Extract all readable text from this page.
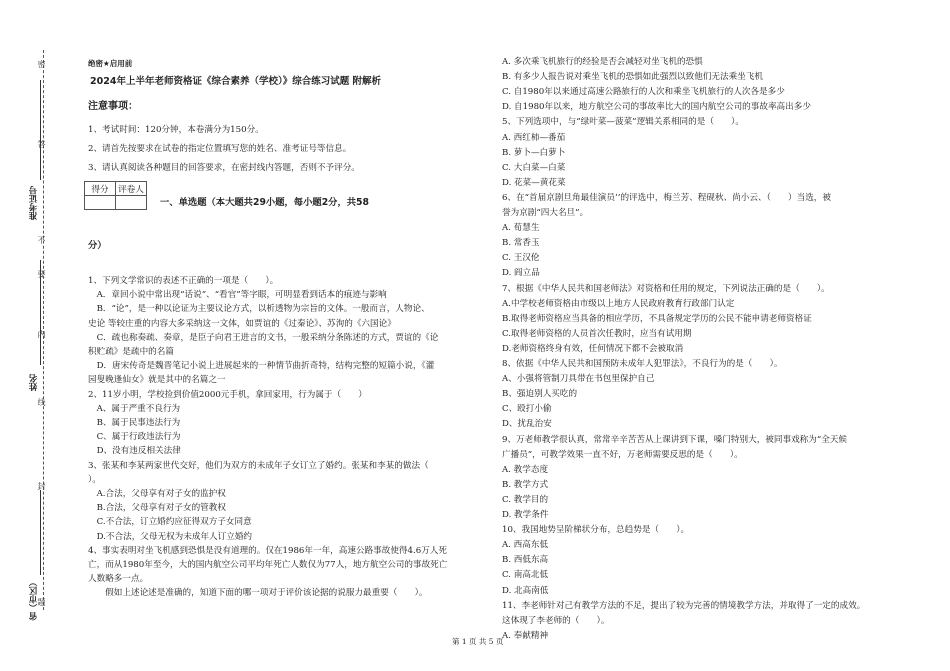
准考证号
姓名
省（市区）
密
封
线
内
不
要
答
题
绝密★启用前
2024年上半年老师资格证《综合素养（学校）》综合练习试题 附解析
注意事项：
1、考试时间：120分钟，本卷满分为150分。
2、请首先按要求在试卷的指定位置填写您的姓名、准考证号等信息。
3、请认真阅读各种题目的回答要求，在密封线内答题，否则不予评分。
得分	评卷人

一、单选题（本大题共29小题，每小题2分，共58
分）
1、下列文学常识的表述不正确的一项是（　　）。
　A．章回小说中常出现“话说”、“看官”等字眼，可明显看到话本的痕迹与影响
　B．“论”，是一种以论证为主要议论方式，以析透物为宗旨的文体。一般而言，人物论、
史论 等较庄重的内容大多采纳这一文体，如贾谊的《过秦论》、苏洵的《六国论》
　C．疏也称奏疏、奏章，是臣子向君王进言的文书，一般采纳分条陈述的方式，贾谊的《论
积贮疏》是疏中的名篇
　D．唐宋传奇是魏晋笔记小说上进展起来的一种情节曲折奇特，结构完整的短篇小说，《灌
园叟晚逢仙女》就是其中的名篇之一
2、11岁小明，学校捡到价值2000元手机，拿回家用，行为属于（　　）
　A、属于严重不良行为
　B、属于民事违法行为
　C、属于行政违法行为
　D、没有违反相关法律
3、张某和李某两家世代交好，他们为双方的未成年子女订立了婚约。张某和李某的做法（
）。
　A.合法，父母享有对子女的监护权
　B.合法，父母享有对子女的管教权
　C.不合法，订立婚约应征得双方子女同意
　D.不合法，父母无权为未成年人订立婚约
4、事实表明对坐飞机感到恐惧是没有道理的。仅在1986年一年，高速公路事故使得4.6万人死
亡，而从1980年至今，大的国内航空公司平均年死亡人数仅为77人，地方航空公司的事故死亡
人数略多一点。
　　假如上述论述是准确的，知道下面的哪一项对于评价该论据的说服力最重要（　　）。
A. 多次乘飞机旅行的经验是否会减轻对坐飞机的恐惧
B. 有多少人报告说对乘坐飞机的恐惧如此强烈以致他们无法乘坐飞机
C. 自1980年以来通过高速公路旅行的人次和乘坐飞机旅行的人次各是多少
D. 自1980年以来，地方航空公司的事故率比大的国内航空公司的事故率高出多少
5、下列选项中，与“绿叶菜—菠菜”逻辑关系相同的是（　　）。
A. 西红柿—番茄
B. 萝卜—白萝卜
C. 大白菜—白菜
D. 花菜—黄花菜
6、在“首届京剧旦角最佳演员’’的评选中，梅兰芳、程砚秋、尚小云、（　　）当选，被
誉为京剧“四大名旦”。
A. 荀慧生
B. 常香玉
C. 王汉伦
D. 阎立品
7、根据《中华人民共和国老师法》对资格和任用的规定，下列说法正确的是（　　）。
A.中学校老师资格由市级以上地方人民政府教育行政部门认定
B.取得老师资格应当具备的相应学历，不具备规定学历的公民不能申请老师资格证
C.取得老师资格的人员首次任教时，应当有试用期
D.老师资格终身有效，任何情况下都不会被取消
8、依据《中华人民共和国预防未成年人犯罪法》，不良行为的是（　　）。
A、小强将管制刀具带在书包里保护自己
B、强迫别人买吃的
C、殴打小偷
D、扰乱治安
9、万老师教学很认真，常常辛辛苦苦从上课讲到下课，嗓门特别大，被同事戏称为“全天候
广播员”，可教学效果一直不好，万老师需要反思的是（　　）。
A. 教学态度
B. 教学方式
C. 教学目的
D. 教学条件
10、我国地势呈阶梯状分布，总趋势是（　　）。
A. 西高东低
B. 西低东高
C. 南高北低
D. 北高南低
11、李老师针对己有教学方法的不足，提出了较为完善的情境教学方法，并取得了一定的成效。
这体现了李老师的（　　）。
A. 奉献精神
第 1 页 共 5 页
